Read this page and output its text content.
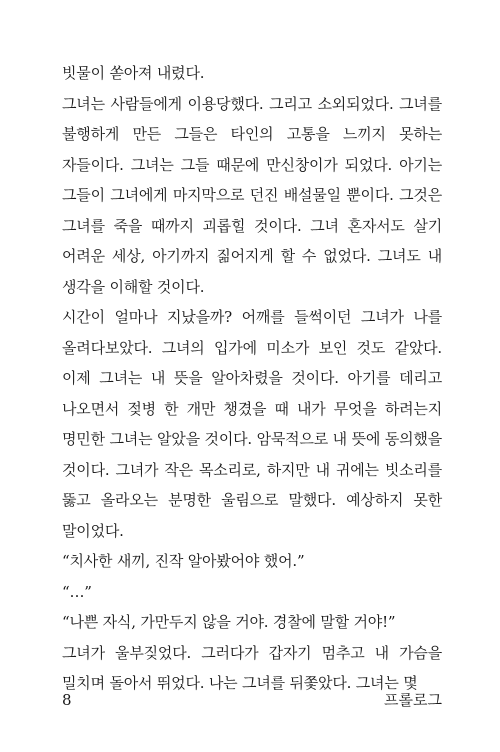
빗물이 쏟아져 내렸다.

그녀는 사람들에게 이용당했다. 그리고 소외되었다. 그녀를 불행하게 만든 그들은 타인의 고통을 느끼지 못하는 자들이다. 그녀는 그들 때문에 만신창이가 되었다. 아기는 그들이 그녀에게 마지막으로 던진 배설물일 뿐이다. 그것은 그녀를 죽을 때까지 괴롭힐 것이다. 그녀 혼자서도 살기 어려운 세상, 아기까지 짊어지게 할 수 없었다. 그녀도 내 생각을 이해할 것이다.

시간이 얼마나 지났을까? 어깨를 들썩이던 그녀가 나를 올려다보았다. 그녀의 입가에 미소가 보인 것도 같았다. 이제 그녀는 내 뜻을 알아차렸을 것이다. 아기를 데리고 나오면서 젖병 한 개만 챙겼을 때 내가 무엇을 하려는지 명민한 그녀는 알았을 것이다. 암묵적으로 내 뜻에 동의했을 것이다. 그녀가 작은 목소리로, 하지만 내 귀에는 빗소리를 뚫고 올라오는 분명한 울림으로 말했다. 예상하지 못한 말이었다.

“치사한 새끼, 진작 알아봤어야 했어.”

“…”

“나쁜 자식, 가만두지 않을 거야. 경찰에 말할 거야!”

그녀가 울부짖었다. 그러다가 갑자기 멈추고 내 가슴을 밀치며 돌아서 뛰었다. 나는 그녀를 뒤쫓았다. 그녀는 몇

8	프롤로그
